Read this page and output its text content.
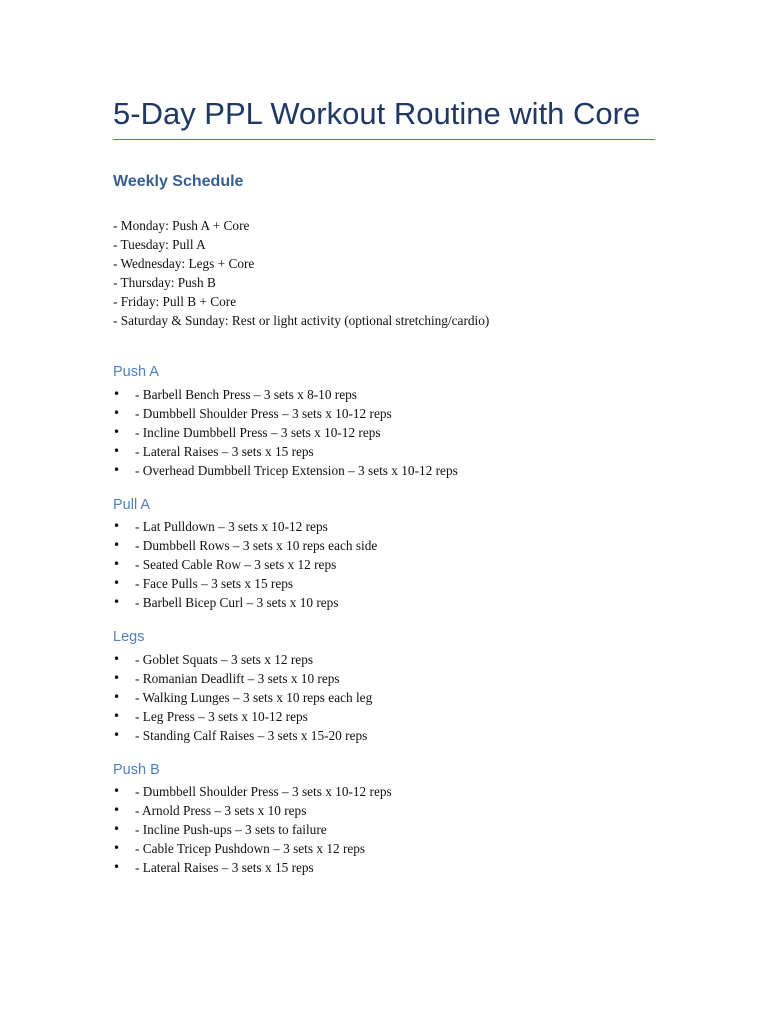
5-Day PPL Workout Routine with Core
Weekly Schedule
- Monday: Push A + Core
- Tuesday: Pull A
- Wednesday: Legs + Core
- Thursday: Push B
- Friday: Pull B + Core
- Saturday & Sunday: Rest or light activity (optional stretching/cardio)
Push A
• - Barbell Bench Press – 3 sets x 8-10 reps
• - Dumbbell Shoulder Press – 3 sets x 10-12 reps
• - Incline Dumbbell Press – 3 sets x 10-12 reps
• - Lateral Raises – 3 sets x 15 reps
• - Overhead Dumbbell Tricep Extension – 3 sets x 10-12 reps
Pull A
• - Lat Pulldown – 3 sets x 10-12 reps
• - Dumbbell Rows – 3 sets x 10 reps each side
• - Seated Cable Row – 3 sets x 12 reps
• - Face Pulls – 3 sets x 15 reps
• - Barbell Bicep Curl – 3 sets x 10 reps
Legs
• - Goblet Squats – 3 sets x 12 reps
• - Romanian Deadlift – 3 sets x 10 reps
• - Walking Lunges – 3 sets x 10 reps each leg
• - Leg Press – 3 sets x 10-12 reps
• - Standing Calf Raises – 3 sets x 15-20 reps
Push B
• - Dumbbell Shoulder Press – 3 sets x 10-12 reps
• - Arnold Press – 3 sets x 10 reps
• - Incline Push-ups – 3 sets to failure
• - Cable Tricep Pushdown – 3 sets x 12 reps
• - Lateral Raises – 3 sets x 15 reps
